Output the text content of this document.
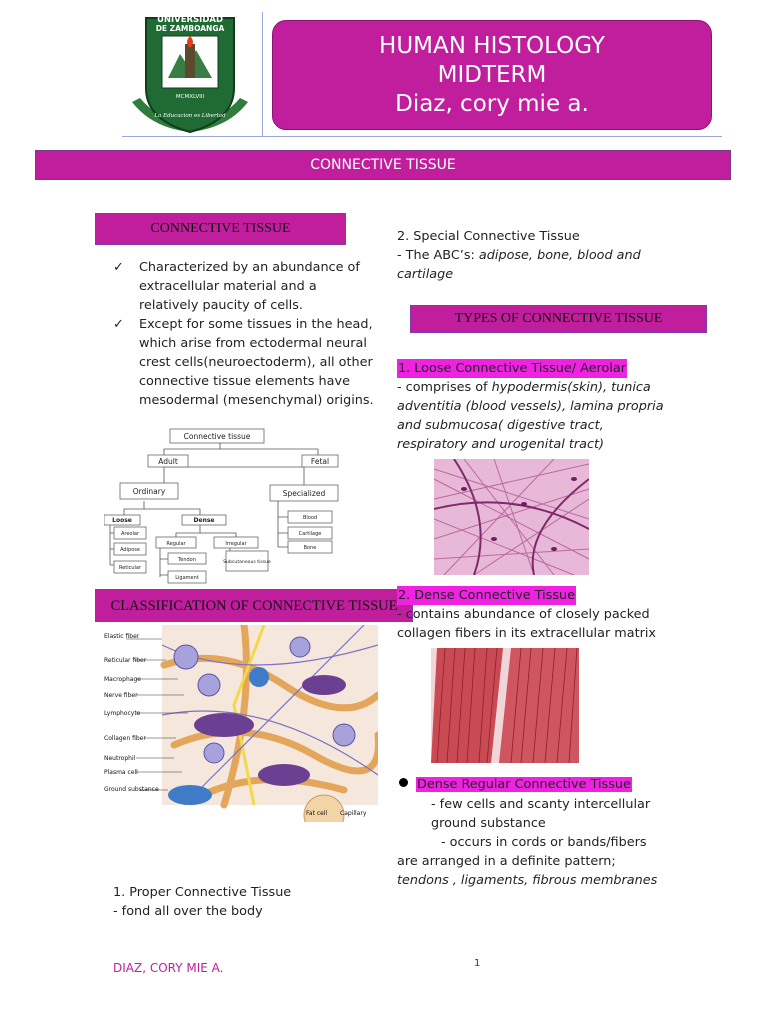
UNIVERSIDAD
DE ZAMBOANGA
MCMXLVIII
La Educacion es Libertad
HUMAN HISTOLOGY
MIDTERM
Diaz, cory mie a.
CONNECTIVE TISSUE
CONNECTIVE TISSUE
✓ Characterized by an abundance of extracellular material and a relatively paucity of cells.
✓ Except for some tissues in the head, which arise from ectodermal neural crest cells(neuroectoderm), all other connective tissue elements have mesodermal (mesenchymal) origins.
Connective tissue
Adult	Fetal
Ordinary	Specialized
Loose	Dense
Areolar
Adipose
Reticular
Regular	Irregular
Tendon
Ligament
Subcutaneous tissue
Blood
Cartilage
Bone
Elastic fiber
Reticular fiber
Macrophage
Nerve fiber
Lymphocyte
Collagen fiber
Neutrophil
Plasma cell
Ground substance
Fat cell Capillary
CLASSIFICATION OF CONNECTIVE TISSUE
1. Proper Connective Tissue
- fond all over the body
2. Special Connective Tissue
- The ABC’s: adipose, bone, blood and cartilage
TYPES OF CONNECTIVE TISSUE
1. Loose Connective Tissue/ Aerolar
- comprises of hypodermis(skin), tunica adventitia (blood vessels), lamina propria and submucosa( digestive tract, respiratory and urogenital tract)
2. Dense Connective Tissue
- contains abundance of closely packed collagen fibers in its extracellular matrix
Dense Regular Connective Tissue
- few cells and scanty intercellular ground substance
- occurs in cords or bands/fibers are arranged in a definite pattern;
tendons , ligaments, fibrous membranes
DIAZ, CORY MIE A.	1
